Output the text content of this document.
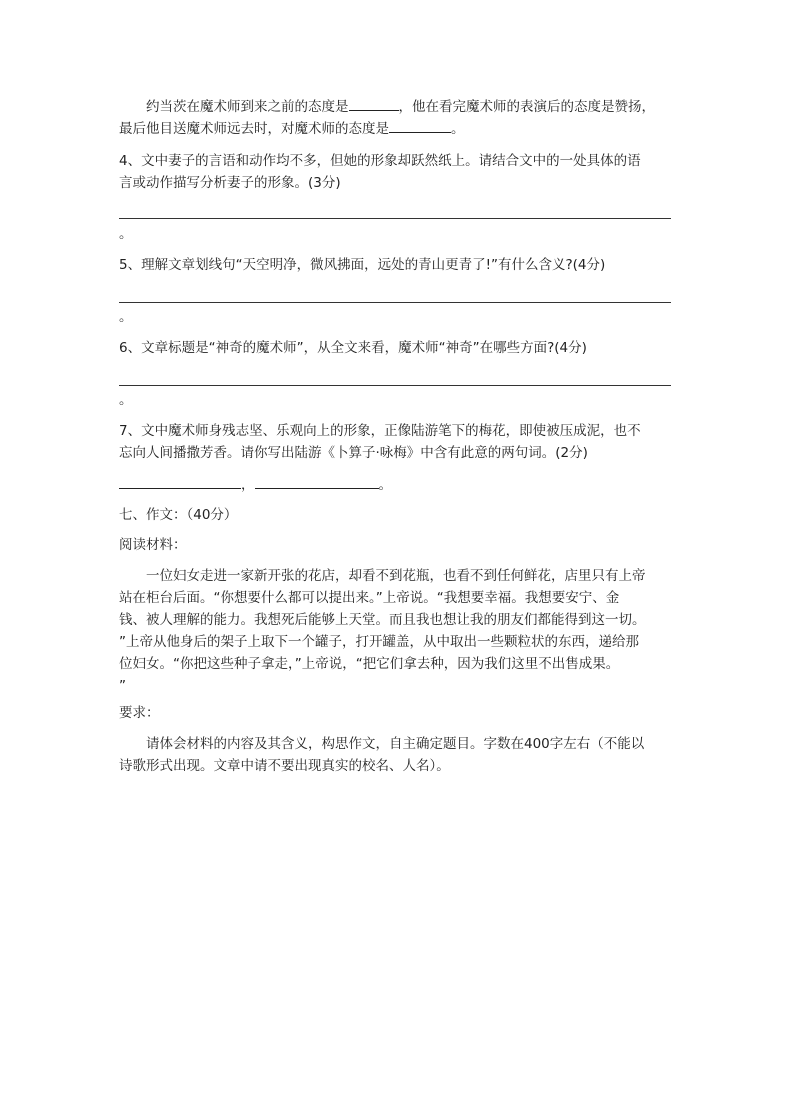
约当茨在魔术师到来之前的态度是	，他在看完魔术师的表演后的态度是赞扬，
最后他目送魔术师远去时，对魔术师的态度是	。
4、文中妻子的言语和动作均不多，但她的形象却跃然纸上。请结合文中的一处具体的语
言或动作描写分析妻子的形象。(3分)
。
5、理解文章划线句“天空明净，微风拂面，远处的青山更青了!”有什么含义?(4分)
。
6、文章标题是“神奇的魔术师”，从全文来看，魔术师“神奇”在哪些方面?(4分)
。
7、文中魔术师身残志坚、乐观向上的形象，正像陆游笔下的梅花，即使被压成泥，也不
忘向人间播撒芳香。请你写出陆游《卜算子·咏梅》中含有此意的两句词。(2分)
，	。
七、作文：（40分）
阅读材料：
一位妇女走进一家新开张的花店，却看不到花瓶，也看不到任何鲜花，店里只有上帝
站在柜台后面。“你想要什么都可以提出来。”上帝说。“我想要幸福。我想要安宁、金
钱、被人理解的能力。我想死后能够上天堂。而且我也想让我的朋友们都能得到这一切。
”上帝从他身后的架子上取下一个罐子，打开罐盖，从中取出一些颗粒状的东西，递给那
位妇女。“你把这些种子拿走，”上帝说，“把它们拿去种，因为我们这里不出售成果。
”
要求：
请体会材料的内容及其含义，构思作文，自主确定题目。字数在400字左右（不能以
诗歌形式出现。文章中请不要出现真实的校名、人名）。
